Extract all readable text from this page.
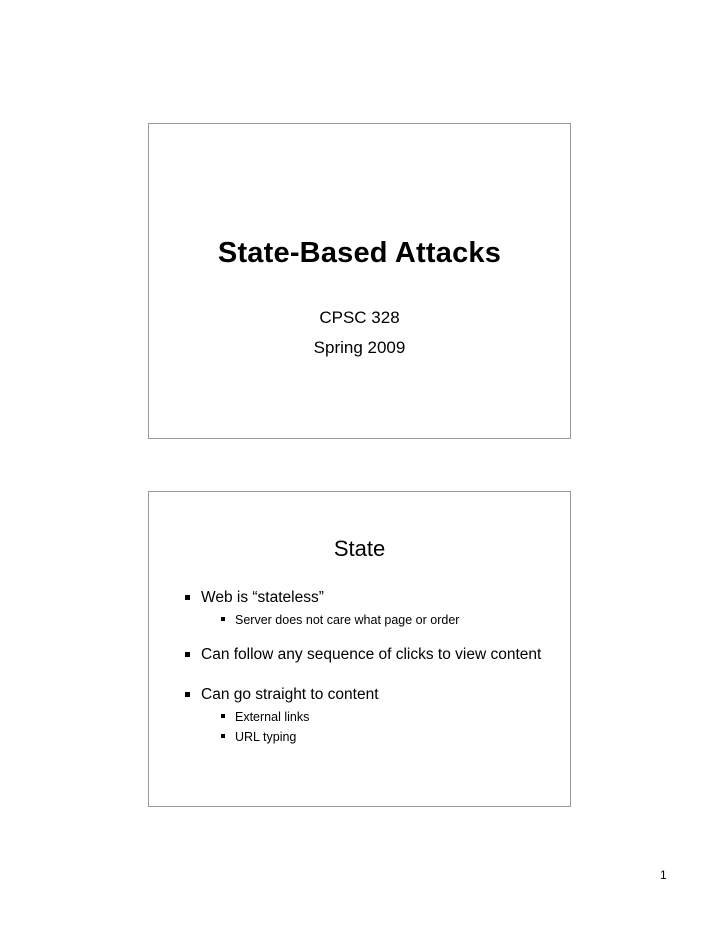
State-Based Attacks
CPSC 328
Spring 2009
State
Web is “stateless”
Server does not care what page or order
Can follow any sequence of clicks to view content
Can go straight to content
External links
URL typing
1
